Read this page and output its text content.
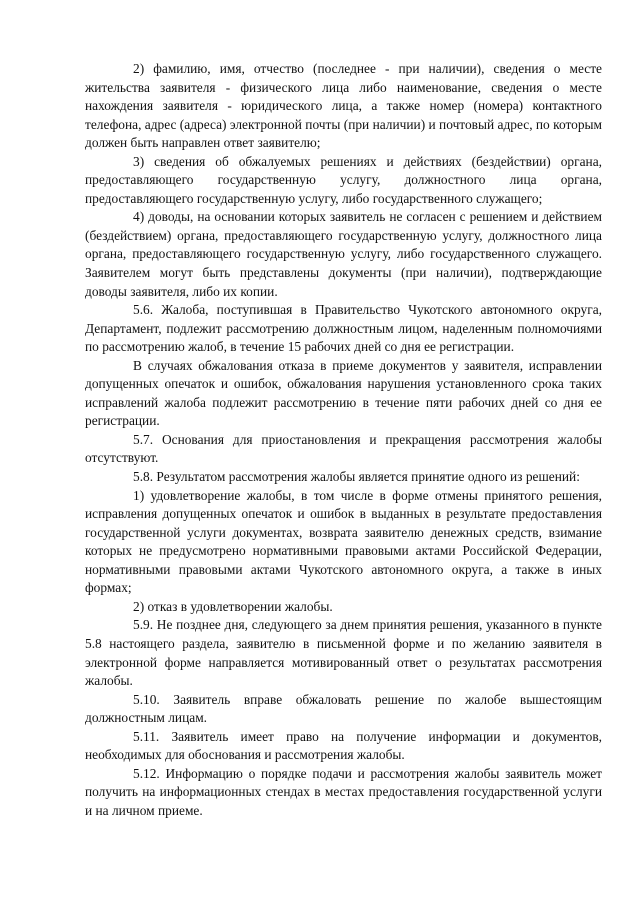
2) фамилию, имя, отчество (последнее - при наличии), сведения о месте жительства заявителя - физического лица либо наименование, сведения о месте нахождения заявителя - юридического лица, а также номер (номера) контактного телефона, адрес (адреса) электронной почты (при наличии) и почтовый адрес, по которым должен быть направлен ответ заявителю;

3) сведения об обжалуемых решениях и действиях (бездействии) органа, предоставляющего государственную услугу, должностного лица органа, предоставляющего государственную услугу, либо государственного служащего;

4) доводы, на основании которых заявитель не согласен с решением и действием (бездействием) органа, предоставляющего государственную услугу, должностного лица органа, предоставляющего государственную услугу, либо государственного служащего. Заявителем могут быть представлены документы (при наличии), подтверждающие доводы заявителя, либо их копии.

5.6. Жалоба, поступившая в Правительство Чукотского автономного округа, Департамент, подлежит рассмотрению должностным лицом, наделенным полномочиями по рассмотрению жалоб, в течение 15 рабочих дней со дня ее регистрации.

В случаях обжалования отказа в приеме документов у заявителя, исправлении допущенных опечаток и ошибок, обжалования нарушения установленного срока таких исправлений жалоба подлежит рассмотрению в течение пяти рабочих дней со дня ее регистрации.

5.7. Основания для приостановления и прекращения рассмотрения жалобы отсутствуют.

5.8. Результатом рассмотрения жалобы является принятие одного из решений:

1) удовлетворение жалобы, в том числе в форме отмены принятого решения, исправления допущенных опечаток и ошибок в выданных в результате предоставления государственной услуги документах, возврата заявителю денежных средств, взимание которых не предусмотрено нормативными правовыми актами Российской Федерации, нормативными правовыми актами Чукотского автономного округа, а также в иных формах;

2) отказ в удовлетворении жалобы.

5.9. Не позднее дня, следующего за днем принятия решения, указанного в пункте 5.8 настоящего раздела, заявителю в письменной форме и по желанию заявителя в электронной форме направляется мотивированный ответ о результатах рассмотрения жалобы.

5.10. Заявитель вправе обжаловать решение по жалобе вышестоящим должностным лицам.

5.11. Заявитель имеет право на получение информации и документов, необходимых для обоснования и рассмотрения жалобы.

5.12. Информацию о порядке подачи и рассмотрения жалобы заявитель может получить на информационных стендах в местах предоставления государственной услуги и на личном приеме.
